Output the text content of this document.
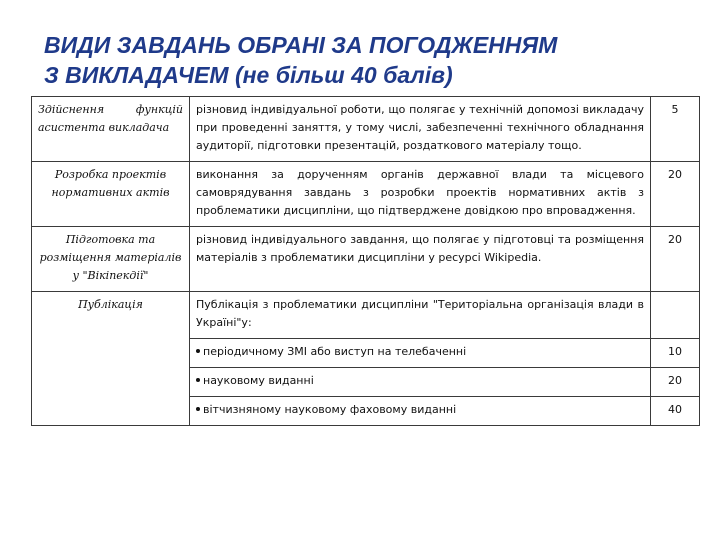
ВИДИ ЗАВДАНЬ ОБРАНІ ЗА ПОГОДЖЕННЯМ
З ВИКЛАДАЧЕМ (не більш 40 балів)
Здійснення функцій асистента викладача	різновид індивідуальної роботи, що полягає у технічній допомозі викладачу при проведенні заняття, у тому числі, забезпеченні технічного обладнання аудиторії, підготовки презентацій, роздаткового матеріалу тощо.	5
Розробка проектів нормативних актів	виконання за дорученням органів державної влади та місцевого самоврядування завдань з розробки проектів нормативних актів з проблематики дисципліни, що підтверджене довідкою про впровадження.	20
Підготовка та розміщення матеріалів у "Вікіпекдії"	різновид індивідуального завдання, що полягає у підготовці та розміщення матеріалів з проблематики дисципліни у ресурсі Wikipedia.	20
Публікація	Публікація з проблематики дисципліни "Територіальна організація влади в Україні"у:	
	періодичному ЗМІ або виступ на телебаченні	10
	науковому виданні	20
	вітчизняному науковому фаховому виданні	40
